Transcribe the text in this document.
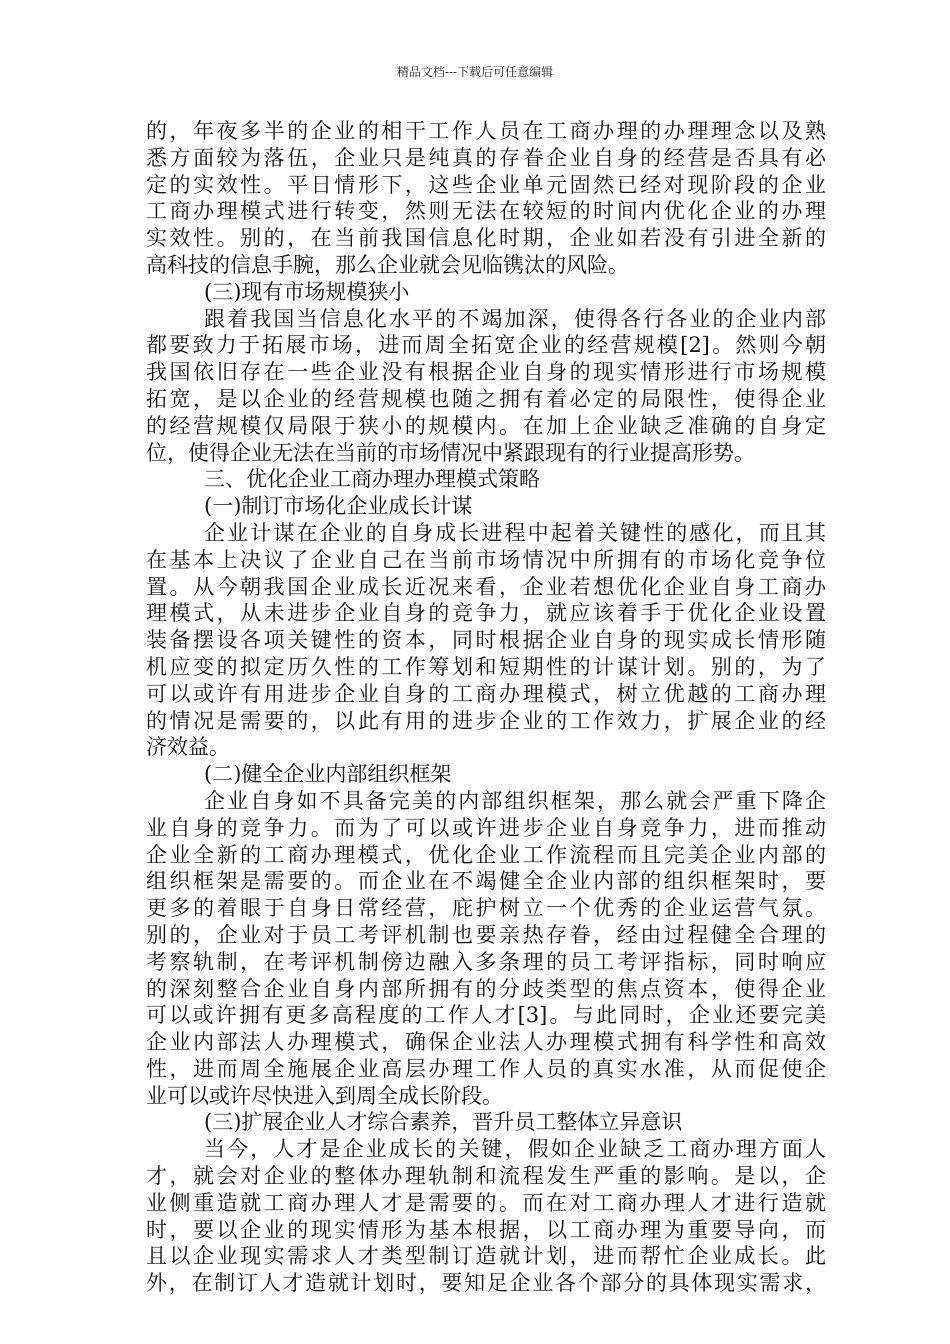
精品文档---下载后可任意编辑
的，年夜多半的企业的相干工作人员在工商办理的办理理念以及熟
悉方面较为落伍，企业只是纯真的存眷企业自身的经营是否具有必
定的实效性。平日情形下，这些企业单元固然已经对现阶段的企业
工商办理模式进行转变，然则无法在较短的时间内优化企业的办理
实效性。别的，在当前我国信息化时期，企业如若没有引进全新的
高科技的信息手腕，那么企业就会见临镌汰的风险。
(三)现有市场规模狭小
跟着我国当信息化水平的不竭加深，使得各行各业的企业内部
都要致力于拓展市场，进而周全拓宽企业的经营规模[2]。然则今朝
我国依旧存在一些企业没有根据企业自身的现实情形进行市场规模
拓宽，是以企业的经营规模也随之拥有着必定的局限性，使得企业
的经营规模仅局限于狭小的规模内。在加上企业缺乏准确的自身定
位，使得企业无法在当前的市场情况中紧跟现有的行业提高形势。
三、优化企业工商办理办理模式策略
(一)制订市场化企业成长计谋
企业计谋在企业的自身成长进程中起着关键性的感化，而且其
在基本上决议了企业自己在当前市场情况中所拥有的市场化竞争位
置。从今朝我国企业成长近况来看，企业若想优化企业自身工商办
理模式，从未进步企业自身的竞争力，就应该着手于优化企业设置
装备摆设各项关键性的资本，同时根据企业自身的现实成长情形随
机应变的拟定历久性的工作筹划和短期性的计谋计划。别的，为了
可以或许有用进步企业自身的工商办理模式，树立优越的工商办理
的情况是需要的，以此有用的进步企业的工作效力，扩展企业的经
济效益。
(二)健全企业内部组织框架
企业自身如不具备完美的内部组织框架，那么就会严重下降企
业自身的竞争力。而为了可以或许进步企业自身竞争力，进而推动
企业全新的工商办理模式，优化企业工作流程而且完美企业内部的
组织框架是需要的。而企业在不竭健全企业内部的组织框架时，要
更多的着眼于自身日常经营，庇护树立一个优秀的企业运营气氛。
别的，企业对于员工考评机制也要亲热存眷，经由过程健全合理的
考察轨制，在考评机制傍边融入多条理的员工考评指标，同时响应
的深刻整合企业自身内部所拥有的分歧类型的焦点资本，使得企业
可以或许拥有更多高程度的工作人才[3]。与此同时，企业还要完美
企业内部法人办理模式，确保企业法人办理模式拥有科学性和高效
性，进而周全施展企业高层办理工作人员的真实水准，从而促使企
业可以或许尽快进入到周全成长阶段。
(三)扩展企业人才综合素养，晋升员工整体立异意识
当今，人才是企业成长的关键，假如企业缺乏工商办理方面人
才，就会对企业的整体办理轨制和流程发生严重的影响。是以，企
业侧重造就工商办理人才是需要的。而在对工商办理人才进行造就
时，要以企业的现实情形为基本根据，以工商办理为重要导向，而
且以企业现实需求人才类型制订造就计划，进而帮忙企业成长。此
外，在制订人才造就计划时，要知足企业各个部分的具体现实需求，
